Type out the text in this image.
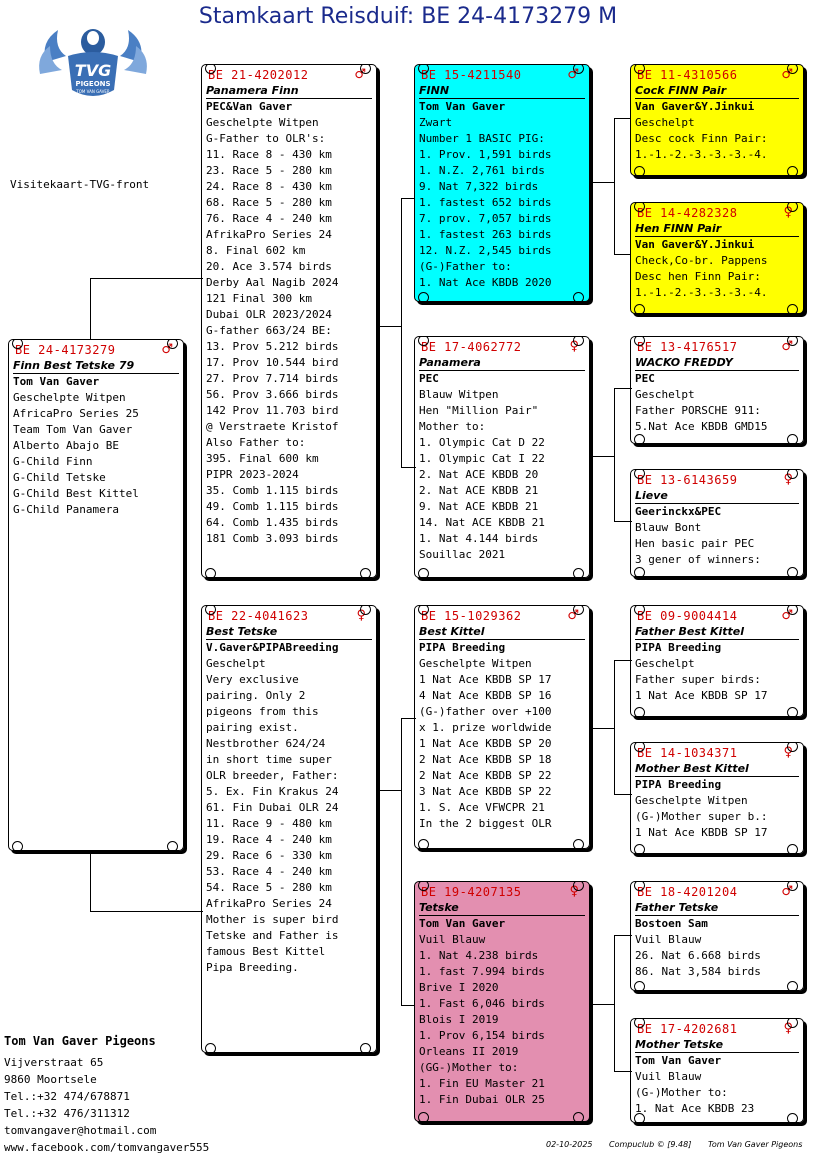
Stamkaart Reisduif: BE 24-4173279 M
TVG
PIGEONS
TOM VAN GAVER
Visitekaart-TVG-front
BE 24-4173279	♂
Finn Best Tetske 79
Tom Van Gaver
Geschelpte Witpen
AfricaPro Series 25
Team Tom Van Gaver
Alberto Abajo BE
G-Child Finn
G-Child Tetske
G-Child Best Kittel
G-Child Panamera
BE 21-4202012	♂
Panamera Finn
PEC&Van Gaver
Geschelpte Witpen
G-Father to OLR's:
11. Race 8 - 430 km
23. Race 5 - 280 km
24. Race 8 - 430 km
68. Race 5 - 280 km
76. Race 4 - 240 km
AfrikaPro Series 24
8. Final 602 km
20. Ace 3.574 birds
Derby Aal Nagib 2024
121 Final 300 km
Dubai OLR 2023/2024
G-father 663/24 BE:
13. Prov 5.212 birds
17. Prov 10.544 bird
27. Prov 7.714 birds
56. Prov 3.666 birds
142 Prov 11.703 bird
@ Verstraete Kristof
Also Father to:
395. Final 600 km
PIPR 2023-2024
35. Comb 1.115 birds
49. Comb 1.115 birds
64. Comb 1.435 birds
181 Comb 3.093 birds
BE 22-4041623	♀
Best Tetske
V.Gaver&PIPABreeding
Geschelpt
Very exclusive
pairing. Only 2
pigeons from this
pairing exist.
Nestbrother 624/24
in short time super
OLR breeder, Father:
5. Ex. Fin Krakus 24
61. Fin Dubai OLR 24
11. Race 9 - 480 km
19. Race 4 - 240 km
29. Race 6 - 330 km
53. Race 4 - 240 km
54. Race 5 - 280 km
AfrikaPro Series 24
Mother is super bird
Tetske and Father is
famous Best Kittel
Pipa Breeding.
BE 15-4211540	♂
FINN
Tom Van Gaver
Zwart
Number 1 BASIC PIG:
1. Prov. 1,591 birds
1. N.Z. 2,761 birds
9. Nat 7,322 birds
1. fastest 652 birds
7. prov. 7,057 birds
1. fastest 263 birds
12. N.Z. 2,545 birds
(G-)Father to:
1. Nat Ace KBDB 2020
BE 17-4062772	♀
Panamera
PEC
Blauw Witpen
Hen "Million Pair"
Mother to:
1. Olympic Cat D 22
1. Olympic Cat I 22
2. Nat ACE KBDB 20
2. Nat ACE KBDB 21
9. Nat ACE KBDB 21
14. Nat ACE KBDB 21
1. Nat 4.144 birds
Souillac 2021
BE 15-1029362	♂
Best Kittel
PIPA Breeding
Geschelpte Witpen
1 Nat Ace KBDB SP 17
4 Nat Ace KBDB SP 16
(G-)father over +100
x 1. prize worldwide
1 Nat Ace KBDB SP 20
2 Nat Ace KBDB SP 18
2 Nat Ace KBDB SP 22
3 Nat Ace KBDB SP 22
1. S. Ace VFWCPR 21
In the 2 biggest OLR
BE 19-4207135	♀
Tetske
Tom Van Gaver
Vuil Blauw
1. Nat 4.238 birds
1. fast 7.994 birds
Brive I 2020
1. Fast 6,046 birds
Blois I 2019
1. Prov 6,154 birds
Orleans II 2019
(GG-)Mother to:
1. Fin EU Master 21
1. Fin Dubai OLR 25
BE 11-4310566	♂
Cock FINN Pair
Van Gaver&Y.Jinkui
Geschelpt
Desc cock Finn Pair:
1.-1.-2.-3.-3.-3.-4.
BE 14-4282328	♀
Hen FINN Pair
Van Gaver&Y.Jinkui
Check,Co-br. Pappens
Desc hen Finn Pair:
1.-1.-2.-3.-3.-3.-4.
BE 13-4176517	♂
WACKO FREDDY
PEC
Geschelpt
Father PORSCHE 911:
5.Nat Ace KBDB GMD15
BE 13-6143659	♀
Lieve
Geerinckx&PEC
Blauw Bont
Hen basic pair PEC
3 gener of winners:
BE 09-9004414	♂
Father Best Kittel
PIPA Breeding
Geschelpt
Father super birds:
1 Nat Ace KBDB SP 17
BE 14-1034371	♀
Mother Best Kittel
PIPA Breeding
Geschelpte Witpen
(G-)Mother super b.:
1 Nat Ace KBDB SP 17
BE 18-4201204	♂
Father Tetske
Bostoen Sam
Vuil Blauw
26. Nat 6.668 birds
86. Nat 3,584 birds
BE 17-4202681	♀
Mother Tetske
Tom Van Gaver
Vuil Blauw
(G-)Mother to:
1. Nat Ace KBDB 23
Tom Van Gaver Pigeons
Vijverstraat 65
9860 Moortsele
Tel.:+32 474/678871
Tel.:+32 476/311312
tomvangaver@hotmail.com
www.facebook.com/tomvangaver555	02-10-2025 Compuclub © [9.48] Tom Van Gaver Pigeons
